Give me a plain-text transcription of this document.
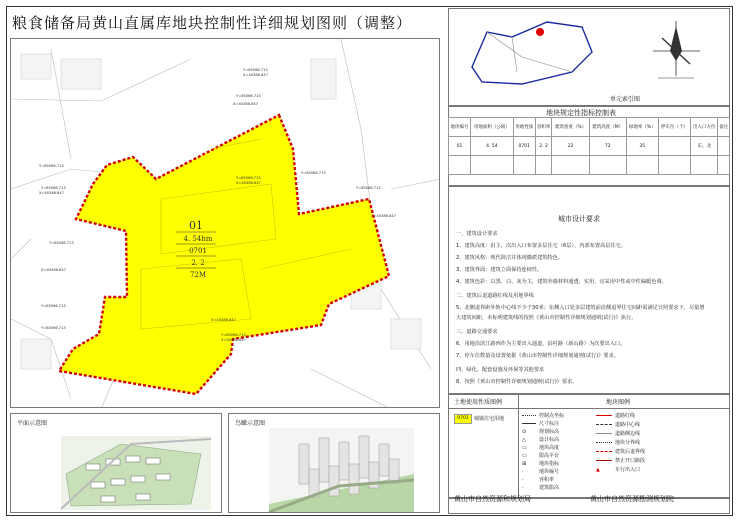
粮食储备局黄山直属库地块控制性详细规划图则（调整）
Y=85066.713
X=40386.847
Y=85066.713
X=40386.847
Y=85066.713
Y=85066.713
X=40386.847
Y=85066.713
X=40386.847
Y=85066.713
Y=85066.713
X=40386.847
Y=85066.713
X=40386.847
Y=85066.713
Y=85066.713
X=40386.847
Y=85066.713
X=40386.847
01
4. 54hm
0701
2. 2
72M
平面示意图	鸟瞰示意图
单元索引图
地块规定性指标控制表
地块编号	用地面积（公顷）	用地性质	容积率	建筑密度（%）	建筑高度（M）	绿地率（%）	停车位（个）	出入口方位	备注
01	4. 54	0701	2. 2	22	72	35		东、北	

城市设计要求
一、建筑设计要求
1、建筑高度：沿主、次出入口布置多层住宅（6层），内部布置高层住宅。
2、建筑风格：现代简洁并体现徽派建筑特色。
3、建筑界面：建筑立面保持连续性。
4、建筑色彩：以黑、白、灰为主，建筑外墙材料通透、实用、宜采用中性或中性偏暖色调。
二、建筑后退道路红线及用地界线
5、北侧退界距外轨中心线不少于30米；东侧入口处多层建筑前沿侧退界住宅间距需满足日照要求下，尽量增
大建筑间距，未标明建筑线的按照《黄山市控制性详细规划通则(试行)》执行。
三、道路交通要求
6、用地沿滨江路西作为主要出入通道，沿村路（新山路）为次要出入口。
7、停车位数量及设置依据《黄山市控制性详细规划通则(试行)》要求。
四、绿化、配套设施及环保等其他要求
8、按照《黄山市控制性详细规划通则(试行)》要求。
土地使用性质图例	地块图例
0701	城镇住宅用地	控制点坐标
尺寸标注
⊙	规划标高
△	设计标高
▭ 地块高度
▭ 限高平台
⊞	地块指标
·	地块编号
·	容积率
·	建筑限高
道路红线
道路中心线
道路侧边线
地块分界线
建筑后退界线
禁止开口路段
▲	车行出入口
黄山市自然资源和规划局	黄山市自然资源勘测规划院
